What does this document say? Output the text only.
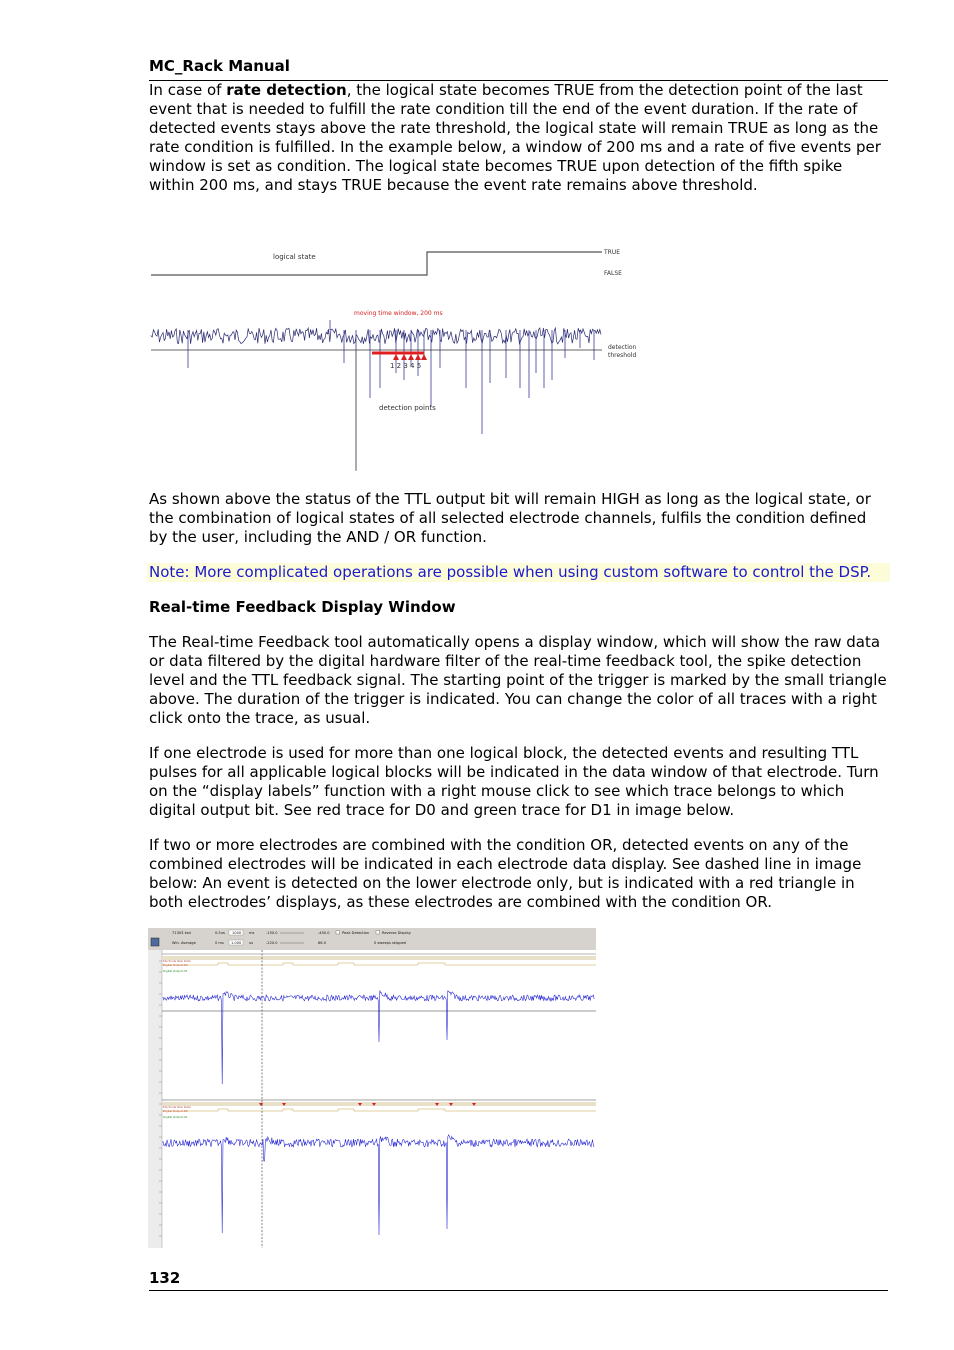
MC_Rack Manual

In case of rate detection, the logical state becomes TRUE from the detection point of the last event that is needed to fulfill the rate condition till the end of the event duration. If the rate of detected events stays above the rate threshold, the logical state will remain TRUE as long as the rate condition is fulfilled. In the example below, a window of 200 ms and a rate of five events per window is set as condition. The logical state becomes TRUE upon detection of the fifth spike within 200 ms, and stays TRUE because the event rate remains above threshold.

logical state
TRUE
FALSE
moving time window, 200 ms
detection
threshold
1 2 3 4 5
detection points

As shown above the status of the TTL output bit will remain HIGH as long as the logical state, or the combination of logical states of all selected electrode channels, fulfils the condition defined by the user, including the AND / OR function.

Note: More complicated operations are possible when using custom software to control the DSP.
Real-time Feedback Display Window

The Real-time Feedback tool automatically opens a display window, which will show the raw data or data filtered by the digital hardware filter of the real-time feedback tool, the spike detection level and the TTL feedback signal. The starting point of the trigger is marked by the small triangle above. The duration of the trigger is indicated. You can change the color of all traces with a right click onto the trace, as usual.

If one electrode is used for more than one logical block, the detected events and resulting TTL pulses for all applicable logical blocks will be indicated in the data window of that electrode. Turn on the “display labels” function with a right mouse click to see which trace belongs to which digital output bit. See red trace for D0 and green trace for D1 in image below.

If two or more electrodes are combined with the condition OR, detected events on any of the combined electrodes will be indicated in each electrode data display. See dashed line in image below: An event is detected on the lower electrode only, but is indicated with a red triangle in both electrodes’ displays, as these electrodes are combined with the condition OR.

71303 ksd	0.5us 1000 ms	-150.0	-450.0	Peak Detection	Reverse Display
Win. Average	0 ms 1.000 us	-220.0	66.0	0 sweeps skipped
Electrode Raw Data
Digital Output D0
Digital Output D1
Electrode Raw Data
Digital Output D0
Digital Output D1
132
